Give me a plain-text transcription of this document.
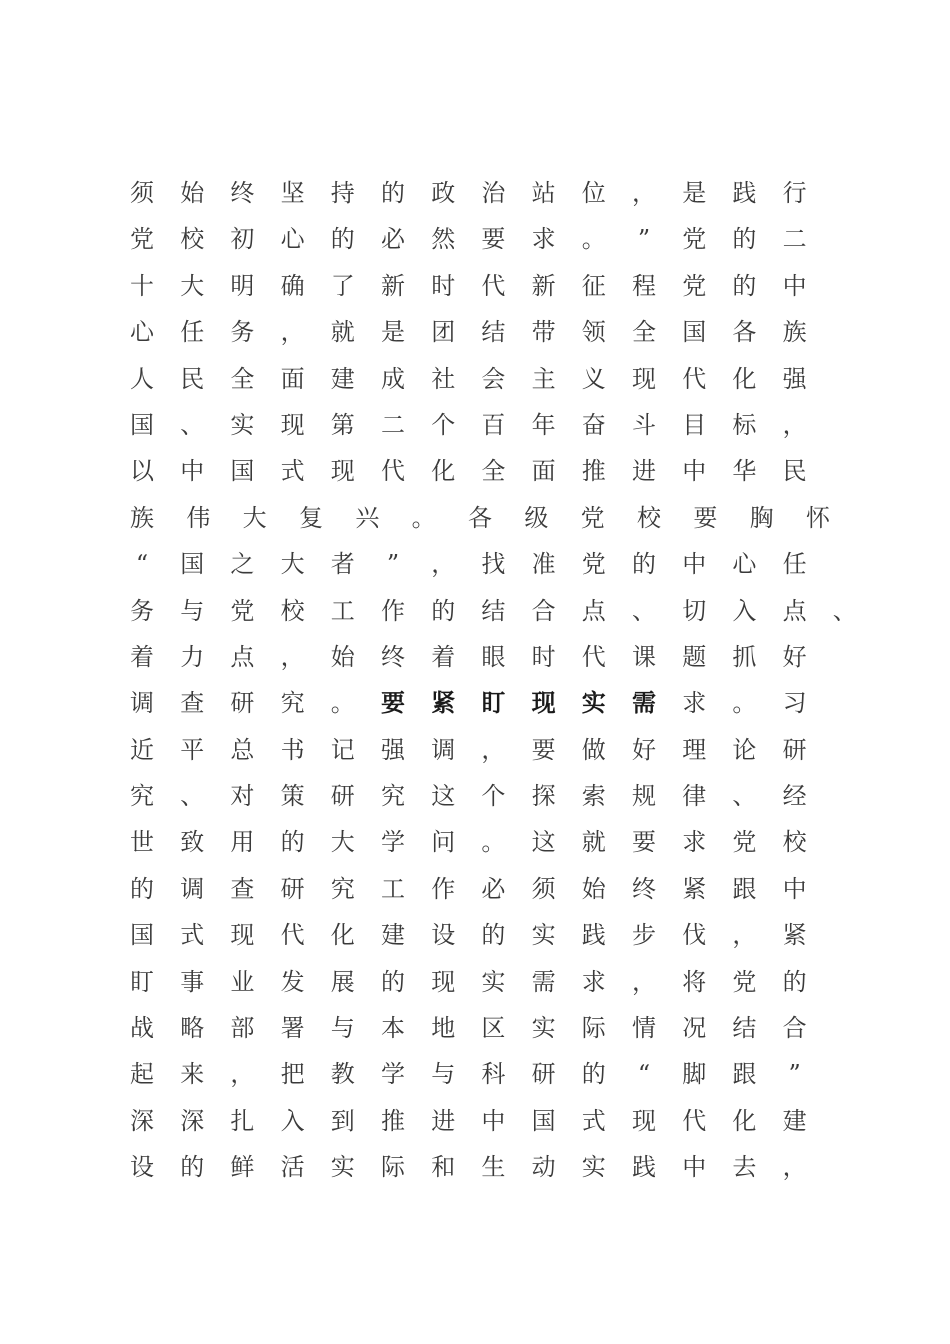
须 始 终 坚 持 的 政 治 站 位 ， 是 践 行
党 校 初 心 的 必 然 要 求 。	”	党 的 二
十 大 明 确 了 新 时 代 新 征 程 党 的 中
心 任 务 ， 就 是 团 结 带 领 全 国 各 族
人 民 全 面 建 成 社 会 主 义 现 代 化 强
国 、 实 现 第 二 个 百 年 奋 斗 目 标 ，
以 中 国 式 现 代 化 全 面 推 进 中 华 民
族 伟 大 复 兴 。 各 级 党 校 要 胸 怀
“	国 之 大 者	”	， 找 准 党 的 中 心 任
务 与 党 校 工 作 的 结 合 点 、 切 入 点 、
着 力 点 ， 始 终 着 眼 时 代 课 题 抓 好
调 查 研 究 。 要 紧 盯 现 实 需 求 。 习
近 平 总 书 记 强 调 ， 要 做 好 理 论 研
究 、 对 策 研 究 这 个 探 索 规 律 、 经
世 致 用 的 大 学 问 。 这 就 要 求 党 校
的 调 查 研 究 工 作 必 须 始 终 紧 跟 中
国 式 现 代 化 建 设 的 实 践 步 伐 ， 紧
盯 事 业 发 展 的 现 实 需 求 ， 将 党 的
战 略 部 署 与 本 地 区 实 际 情 况 结 合
起 来 ， 把 教 学 与 科 研 的	“	脚 跟	”
深 深 扎 入 到 推 进 中 国 式 现 代 化 建
设 的 鲜 活 实 际 和 生 动 实 践 中 去 ，
